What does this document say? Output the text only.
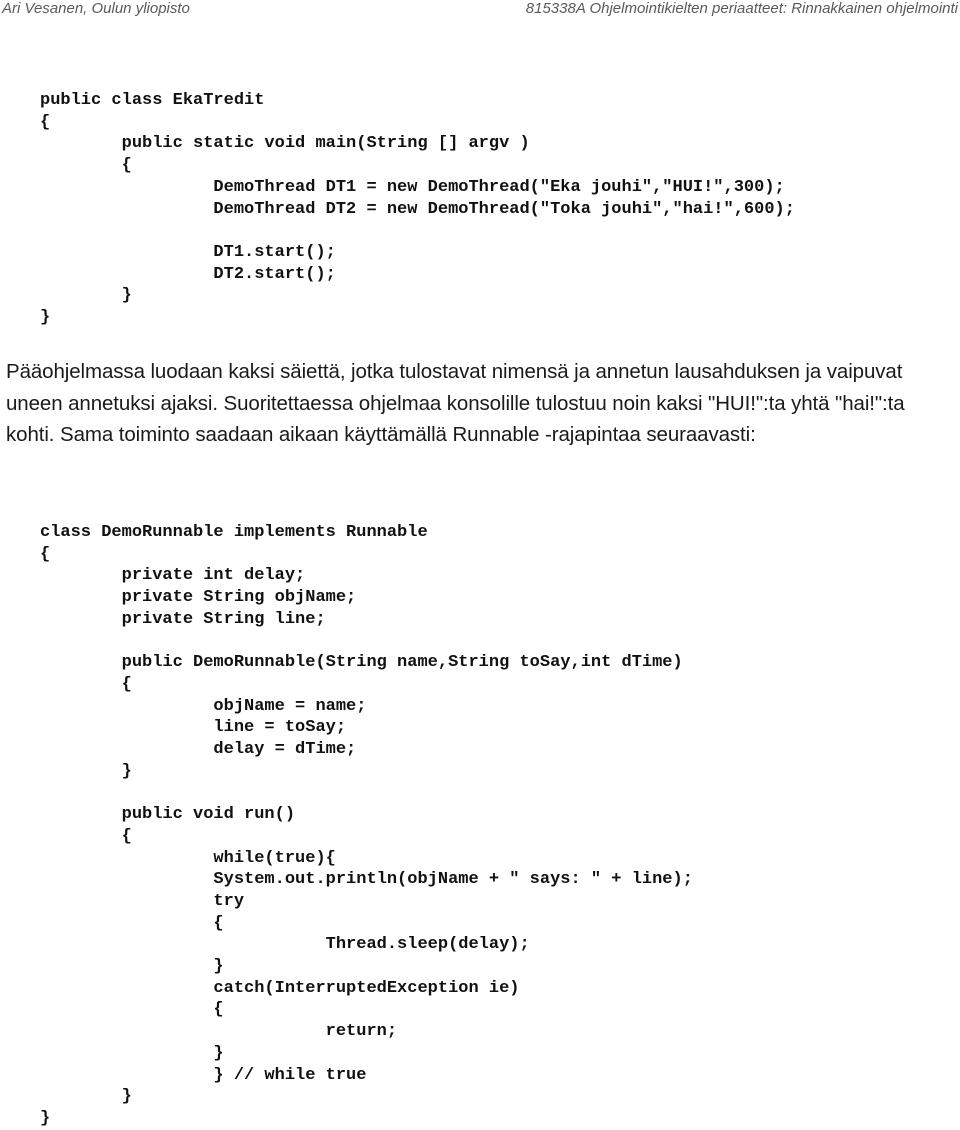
Ari Vesanen, Oulun yliopisto	815338A Ohjelmointikielten periaatteet: Rinnakkainen ohjelmointi
public class EkaTredit
{
public static void main(String [] argv )
{
DemoThread DT1 = new DemoThread("Eka jouhi","HUI!",300);
DemoThread DT2 = new DemoThread("Toka jouhi","hai!",600);

DT1.start();
DT2.start();
}
}

Pääohjelmassa luodaan kaksi säiettä, jotka tulostavat nimensä ja annetun lausahduksen ja vaipuvat uneen annetuksi ajaksi. Suoritettaessa ohjelmaa konsolille tulostuu noin kaksi "HUI!":ta yhtä "hai!":ta kohti. Sama toiminto saadaan aikaan käyttämällä Runnable -rajapintaa seuraavasti:

class DemoRunnable implements Runnable
{
private int delay;
private String objName;
private String line;

public DemoRunnable(String name,String toSay,int dTime)
{
objName = name;
line = toSay;
delay = dTime;
}

public void run()
{
while(true){
System.out.println(objName + " says: " + line);
try
{
Thread.sleep(delay);
}
catch(InterruptedException ie)
{
return;
}
} // while true
}
}
